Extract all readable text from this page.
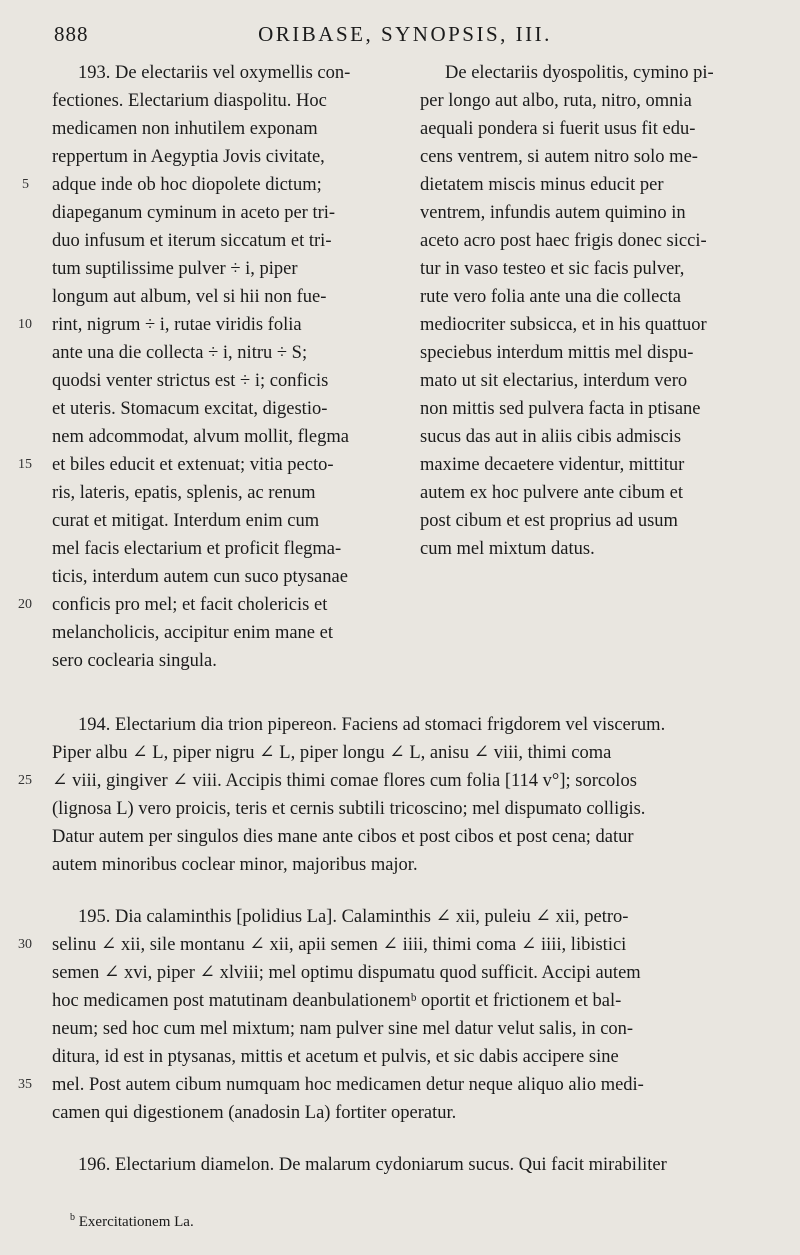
888	ORIBASE, SYNOPSIS, III.
193. De electariis vel oxymellis con-
fectiones. Electarium diaspolitu. Hoc
medicamen non inhutilem exponam
reppertum in Aegyptia Jovis civitate,
adque inde ob hoc diopolete dictum;
diapeganum cyminum in aceto per tri-
duo infusum et iterum siccatum et tri-
tum suptilissime pulver ÷ i, piper
longum aut album, vel si hii non fue-
rint, nigrum ÷ i, rutae viridis folia
ante una die collecta ÷ i, nitru ÷ S;
quodsi venter strictus est ÷ i; conficis
et uteris. Stomacum excitat, digestio-
nem adcommodat, alvum mollit, flegma
et biles educit et extenuat; vitia pecto-
ris, lateris, epatis, splenis, ac renum
curat et mitigat. Interdum enim cum
mel facis electarium et proficit flegma-
ticis, interdum autem cun suco ptysanae
conficis pro mel; et facit cholericis et
melancholicis, accipitur enim mane et
sero coclearia singula.
De electariis dyospolitis, cymino pi-
per longo aut albo, ruta, nitro, omnia
aequali pondera si fuerit usus fit edu-
cens ventrem, si autem nitro solo me-
dietatem miscis minus educit per
ventrem, infundis autem quimino in
aceto acro post haec frigis donec sicci-
tur in vaso testeo et sic facis pulver,
rute vero folia ante una die collecta
mediocriter subsicca, et in his quattuor
speciebus interdum mittis mel dispu-
mato ut sit electarius, interdum vero
non mittis sed pulvera facta in ptisane
sucus das aut in aliis cibis admiscis
maxime decaetere videntur, mittitur
autem ex hoc pulvere ante cibum et
post cibum et est proprius ad usum
cum mel mixtum datus.
194. Electarium dia trion pipereon. Faciens ad stomaci frigdorem vel viscerum.
Piper albu ∠ L, piper nigru ∠ L, piper longu ∠ L, anisu ∠ viii, thimi coma
∠ viii, gingiver ∠ viii. Accipis thimi comae flores cum folia [114 v°]; sorcolos
(lignosa L) vero proicis, teris et cernis subtili tricoscino; mel dispumato colligis.
Datur autem per singulos dies mane ante cibos et post cibos et post cena; datur
autem minoribus coclear minor, majoribus major.
195. Dia calaminthis [polidius La]. Calaminthis ∠ xii, puleiu ∠ xii, petro-
selinu ∠ xii, sile montanu ∠ xii, apii semen ∠ iiii, thimi coma ∠ iiii, libistici
semen ∠ xvi, piper ∠ xlviii; mel optimu dispumatu quod sufficit. Accipi autem
hoc medicamen post matutinam deanbulationemᵇ oportit et frictionem et bal-
neum; sed hoc cum mel mixtum; nam pulver sine mel datur velut salis, in con-
ditura, id est in ptysanas, mittis et acetum et pulvis, et sic dabis accipere sine
mel. Post autem cibum numquam hoc medicamen detur neque aliquo alio medi-
camen qui digestionem (anadosin La) fortiter operatur.
196. Electarium diamelon. De malarum cydoniarum sucus. Qui facit mirabiliter
5
10
15
20
25
30
35
$^b$ Exercitationem La.
